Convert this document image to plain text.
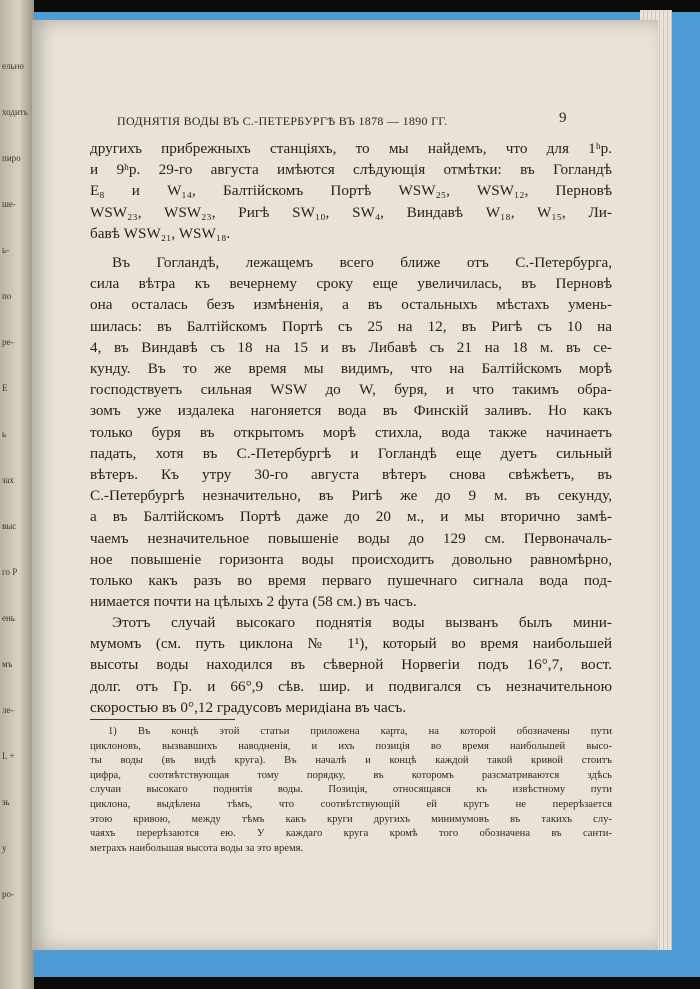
ельно
ходить
пиро
ше-
ь-
по
ре-
Е
ь
зах
выс
го Р
ень
мъ
ле-
I. +
зь
у
ро-
ПОДНЯТІЯ ВОДЫ ВЪ С.-ПЕТЕРБУРГѢ ВЪ 1878 — 1890 ГГ.	9
другихъ прибрежныхъ станціяхъ, то мы найдемъ, что для 1ʰр.
и 9ʰр. 29-го августа имѣются слѣдующія отмѣтки: въ Гогландѣ
E₈ и W₁₄, Балтійскомъ Портѣ WSW₂₅, WSW₁₂, Перновѣ
WSW₂₃, WSW₂₃, Ригѣ SW₁₀, SW₄, Виндавѣ W₁₈, W₁₅, Ли-
бавѣ WSW₂₁, WSW₁₈.
Въ Гогландѣ, лежащемъ всего ближе отъ С.-Петербурга,
сила вѣтра къ вечернему сроку еще увеличилась, въ Перновѣ
она осталась безъ измѣненія, а въ остальныхъ мѣстахъ умень-
шилась: въ Балтійскомъ Портѣ съ 25 на 12, въ Ригѣ съ 10 на
4, въ Виндавѣ съ 18 на 15 и въ Либавѣ съ 21 на 18 м. въ се-
кунду. Въ то же время мы видимъ, что на Балтійскомъ морѣ
господствуетъ сильная WSW до W, буря, и что такимъ обра-
зомъ уже издалека нагоняется вода въ Финскій заливъ. Но какъ
только буря въ открытомъ морѣ стихла, вода также начинаетъ
падать, хотя въ С.-Петербургѣ и Гогландѣ еще дуетъ сильный
вѣтеръ. Къ утру 30-го августа вѣтеръ снова свѣжѣетъ, въ
С.-Петербургѣ незначительно, въ Ригѣ же до 9 м. въ секунду,
а въ Балтійскомъ Портѣ даже до 20 м., и мы вторично замѣ-
чаемъ незначительное повышеніе воды до 129 см. Первоначаль-
ное повышеніе горизонта воды происходитъ довольно равномѣрно,
только какъ разъ во время перваго пушечнаго сигнала вода под-
нимается почти на цѣлыхъ 2 фута (58 см.) въ часъ.
Этотъ случай высокаго поднятія воды вызванъ былъ мини-
мумомъ (см. путь циклона № 1¹), который во время наибольшей
высоты воды находился въ сѣверной Норвегіи подъ 16°,7, вост.
долг. отъ Гр. и 66°,9 сѣв. шир. и подвигался съ незначительною
скоростью въ 0°,12 градусовъ меридіана въ часъ.
1) Въ концѣ этой статьи приложена карта, на которой обозначены пути
циклоновъ, вызвавшихъ наводненія, и ихъ позиція во время наибольшей высо-
ты воды (въ видѣ круга). Въ началѣ и концѣ каждой такой кривой стоитъ
цифра, соотвѣтствующая тому порядку, въ которомъ разсматриваются здѣсь
случаи высокаго поднятія воды. Позиція, относящаяся къ извѣстному пути
циклона, выдѣлена тѣмъ, что соотвѣтствующій ей кругъ не перерѣзается
этою кривою, между тѣмъ какъ круги другихъ минимумовъ въ такихъ слу-
чаяхъ перерѣзаются ею. У каждаго круга кромѣ того обозначена въ санти-
метрахъ наибольшая высота воды за это время.
